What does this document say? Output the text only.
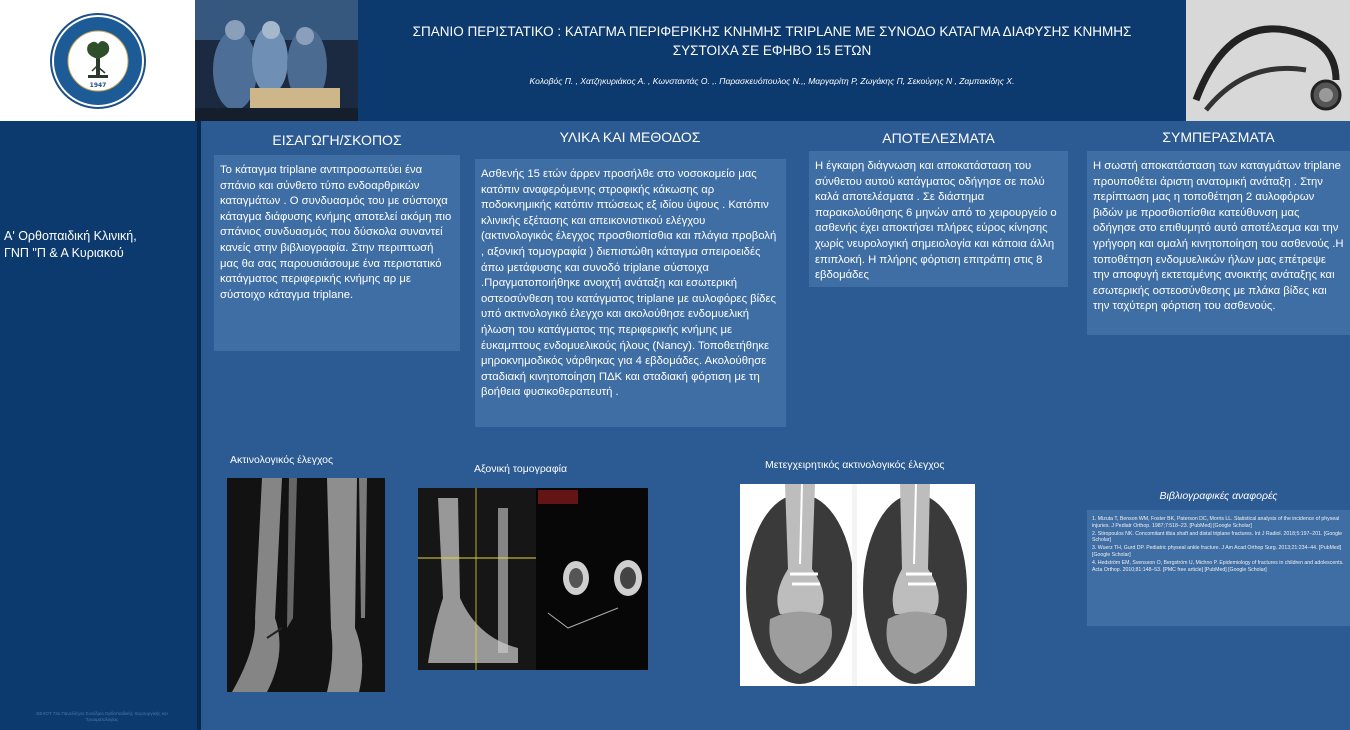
1947
ΣΠΑΝΙΟ ΠΕΡΙΣΤΑΤΙΚΟ : ΚΑΤΑΓΜΑ ΠΕΡΙΦΕΡΙΚΗΣ ΚΝΗΜΗΣ TRIPLANE ΜΕ ΣΥΝΟΔΟ ΚΑΤΑΓΜΑ ΔΙΑΦΥΣΗΣ ΚΝΗΜΗΣ ΣΥΣΤΟΙΧΑ ΣΕ ΕΦΗΒΟ 15 ΕΤΩΝ
Κολοβός Π. , Χατζηκυριάκος Α. , Κωνσταντάς Ο. ,. Παρασκευόπουλος Ν.,, Μαργαρίτη Ρ, Ζωγάκης Π, Σεκούρης Ν , Ζαμπακίδης Χ.
Α' Ορθοπαιδική Κλινική, ΓΝΠ "Π & Α Κυριακού
ΕΕΧΟΤ 73ο Πανελλήνιο Συνέδριο Ορθοπαιδικής Χειρουργικής και Τραυματολογίας
ΕΙΣΑΓΩΓΗ/ΣΚΟΠΟΣ
Το κάταγμα triplane αντιπροσωπεύει ένα σπάνιο και σύνθετο τύπο ενδοαρθρικών καταγμάτων . Ο συνδυασμός του με σύστοιχα κάταγμα διάφυσης κνήμης αποτελεί ακόμη πιο σπάνιος συνδυασμός που δύσκολα συναντεί κανείς στην βιβλιογραφία. Στην περιπτωσή μας θα σας παρουσιάσουμε ένα περιστατικό κατάγματος περιφερικής κνήμης αρ με σύστοιχο κάταγμα triplane.
ΥΛΙΚΑ ΚΑΙ ΜΕΘΟΔΟΣ
Ασθενής 15 ετών άρρεν προσήλθε στο νοσοκομείο μας κατόπιν αναφερόμενης στροφικής κάκωσης αρ ποδοκνημικής κατόπιν πτώσεως εξ ιδίου ύψους . Κατόπιν κλινικής εξέτασης και απεικονιστικού ελέγχου (ακτινολογικός έλεγχος προσθιοπίσθια και πλάγια προβολή , αξονική τομογραφία ) διεπιστώθη κάταγμα σπειροειδές άπω μετάφυσης και συνοδό triplane σύστοιχα .Πραγματοποιήθηκε ανοιχτή ανάταξη και εσωτερική οστεοσύνθεση του κατάγματος triplane με αυλοφόρες βίδες υπό ακτινολογικό έλεγχο και ακολούθησε ενδομυελική ήλωση του κατάγματος της περιφερικής κνήμης με έυκαμπτους ενδομυελικούς ήλους (Nancy). Τοποθετήθηκε μηροκνημοδικός νάρθηκας για 4 εβδομάδες. Ακολούθησε σταδιακή κινητοποίηση ΠΔΚ και σταδιακή φόρτιση με τη βοήθεια φυσικοθεραπευτή .
ΑΠΟΤΕΛΕΣΜΑΤΑ
Η έγκαιρη διάγνωση και αποκατάσταση του σύνθετου αυτού κατάγματος οδήγησε σε πολύ καλά αποτελέσματα . Σε διάστημα παρακολούθησης 6 μηνών από το χειρουργείο ο ασθενής έχει αποκτήσει πλήρες εύρος κίνησης χωρίς νευρολογική σημειολογία και κάποια άλλη επιπλοκή. Η πλήρης φόρτιση επιτράπη στις 8 εβδομάδες
ΣΥΜΠΕΡΑΣΜΑΤΑ
Η σωστή αποκατάσταση των καταγμάτων triplane προυποθέτει άριστη ανατομική ανάταξη . Στην περίπτωση μας η τοποθέτηση 2 αυλοφόρων βιδών με προσθιοπίσθια κατεύθυνση μας οδήγησε στο επιθυμητό αυτό αποτέλεσμα και την γρήγορη και ομαλή κινητοποίηση του ασθενούς .Η τοποθέτηση ενδομυελικών ήλων μας επέτρεψε την αποφυγή εκτεταμένης ανοικτής ανάταξης και εσωτερικής οστεοσύνθεσης με πλάκα βίδες και την ταχύτερη φόρτιση του ασθενούς.
Ακτινολογικός έλεγχος
Αξονική τομογραφία	Μετεγχειρητικός ακτινολογικός έλεγχος
Βιβλιογραφικές αναφορές
1. Mizuta T, Benson WM, Foster BK, Paterson DC, Morris LL. Statistical analysis of the incidence of physeal injuries. J Pediatr Orthop. 1987;7:518–23. [PubMed] [Google Scholar]
2. Stiropoulos NK. Concomitant tibia shaft and distal triplane fractures. Int J Radiol. 2018;5:197–201. [Google Scholar]
3. Wuerz TH, Gurd DP. Pediatric physeal ankle fracture. J Am Acad Orthop Surg. 2013;21:234–44. [PubMed] [Google Scholar]
4. Hedström EM, Svensson O, Bergström U, Michno P. Epidemiology of fractures in children and adolescents. Acta Orthop. 2010;81:148–53. [PMC free article] [PubMed] [Google Scholar]
